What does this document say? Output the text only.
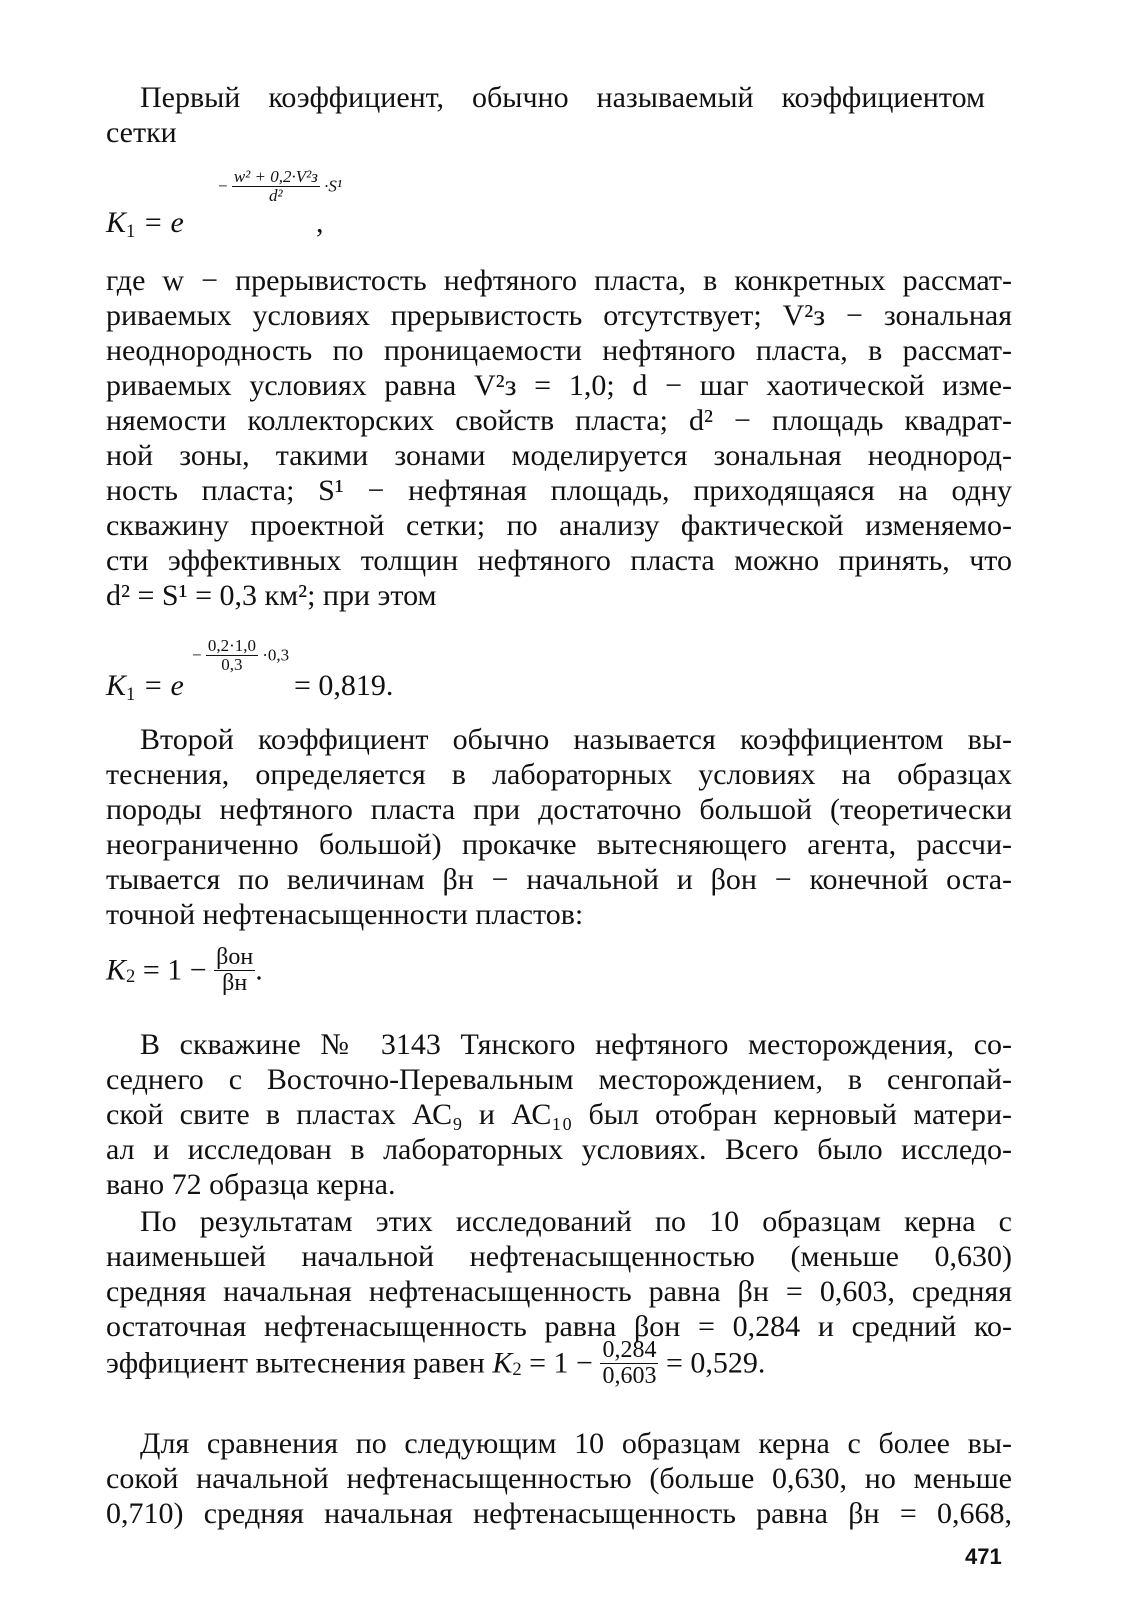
Первый коэффициент, обычно называемый коэффициентом
сетки
$K_1 = e$
− $\frac{\text{w² + 0,2·V²з}}{\text{d²}} \cdot S^1$
,
где w − прерывистость нефтяного пласта, в конкретных рассмат-
риваемых условиях прерывистость отсутствует; V²з − зональная
неоднородность по проницаемости нефтяного пласта, в рассмат-
риваемых условиях равна V²з = 1,0; d − шаг хаотической изме-
няемости коллекторских свойств пласта; d² − площадь квадрат-
ной зоны, такими зонами моделируется зональная неоднород-
ность пласта; S¹ − нефтяная площадь, приходящаяся на одну
скважину проектной сетки; по анализу фактической изменяемо-
сти эффективных толщин нефтяного пласта можно принять, что
d² = S¹ = 0,3 км²; при этом
$K_1 = e$
− $\frac{0,2\cdot 1,0}{0,3} \cdot 0,3$
= 0,819.
Второй коэффициент обычно называется коэффициентом вы-
теснения, определяется в лабораторных условиях на образцах
породы нефтяного пласта при достаточно большой (теоретически
неограниченно большой) прокачке вытесняющего агента, рассчи-
тывается по величинам βн − начальной и βон − конечной оста-
точной нефтенасыщенности пластов:
$K_2 = 1 - \frac{\text{βон}}{\beta н}$ .
В скважине № 3143 Тянского нефтяного месторождения, со-
седнего с Восточно-Перевальным месторождением, в сенгопай-
ской свите в пластах АС₉ и АС₁₀ был отобран керновый матери-
ал и исследован в лабораторных условиях. Всего было исследо-
вано 72 образца керна.
По результатам этих исследований по 10 образцам керна с
наименьшей начальной нефтенасыщенностью (меньше 0,630)
средняя начальная нефтенасыщенность равна βн = 0,603, средняя
остаточная нефтенасыщенность равна βон = 0,284 и средний ко-
эффициент вытеснения равен $K_2 = 1 - \frac{0,284}{0,603} = 0,529$.
Для сравнения по следующим 10 образцам керна с более вы-
сокой начальной нефтенасыщенностью (больше 0,630, но меньше
0,710) средняя начальная нефтенасыщенность равна βн = 0,668,
471
